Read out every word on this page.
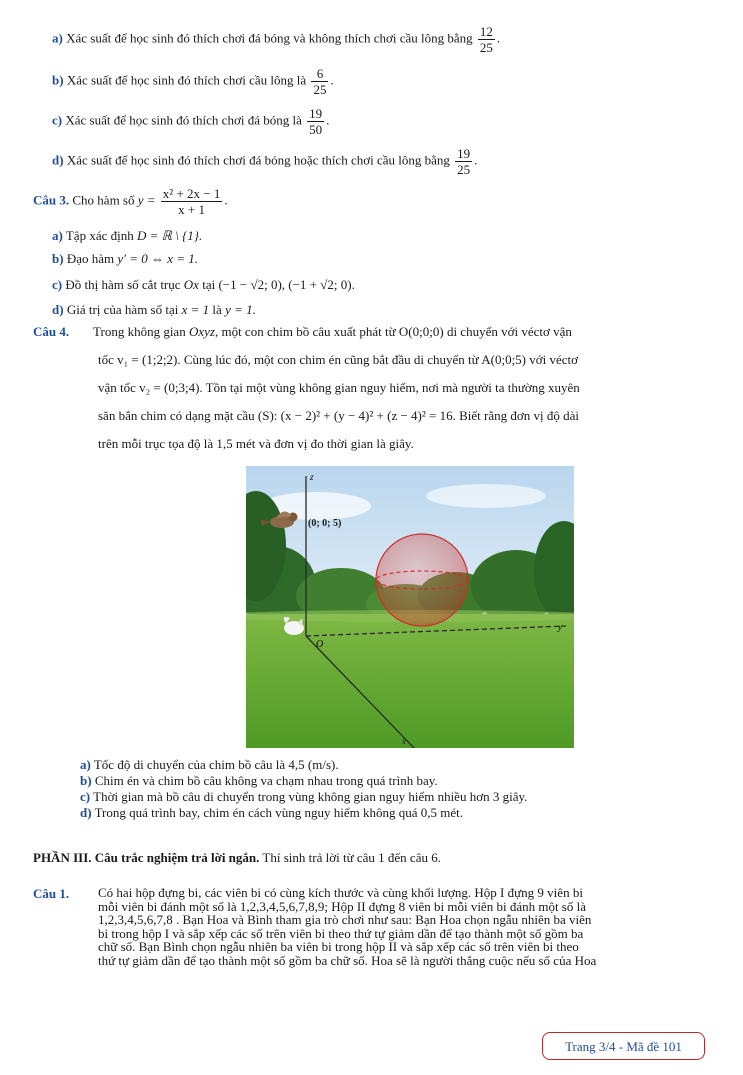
a) Xác suất để học sinh đó thích chơi đá bóng và không thích chơi cầu lông bằng $\frac{12}{25}$ .
b) Xác suất để học sinh đó thích chơi cầu lông là $\frac{6}{25}$ .
c) Xác suất để học sinh đó thích chơi đá bóng là $\frac{19}{50}$ .
d) Xác suất để học sinh đó thích chơi đá bóng hoặc thích chơi cầu lông bằng $\frac{19}{25}$ .
Câu 3. Cho hàm số $y = \frac{\text{x² + 2x − 1}}{x + 1}$ .
a) Tập xác định D = ℝ \ {1}.
b) Đạo hàm y′ = 0 ⇔ x = 1.
c) Đồ thị hàm số cắt trục Ox tại (−1 − √2; 0), (−1 + √2; 0).
d) Giá trị của hàm số tại x = 1 là y = 1.
Câu 4. Trong không gian Oxyz, một con chim bồ câu xuất phát từ O(0;0;0) di chuyển với véctơ vận
tốc v₁ = (1;2;2). Cùng lúc đó, một con chim én cũng bắt đầu di chuyển từ A(0;0;5) với véctơ
vận tốc v₂ = (0;3;4). Tồn tại một vùng không gian nguy hiểm, nơi mà người ta thường xuyên
săn bắn chim có dạng mặt cầu (S): (x − 2)² + (y − 4)² + (z − 4)² = 16. Biết rằng đơn vị độ dài
trên mỗi trục tọa độ là 1,5 mét và đơn vị đo thời gian là giây.
z
(0; 0; 5)
O
y
x
a) Tốc độ di chuyển của chim bồ câu là 4,5 (m/s).
b) Chim én và chim bồ câu không va chạm nhau trong quá trình bay.
c) Thời gian mà bồ câu di chuyển trong vùng không gian nguy hiểm nhiều hơn 3 giây.
d) Trong quá trình bay, chim én cách vùng nguy hiểm không quá 0,5 mét.
PHẦN III. Câu trắc nghiệm trả lời ngắn. Thí sinh trả lời từ câu 1 đến câu 6.
Câu 1. Có hai hộp đựng bi, các viên bi có cùng kích thước và cùng khối lượng. Hộp I đựng 9 viên bi
mỗi viên bi đánh một số là 1,2,3,4,5,6,7,8,9; Hộp II đựng 8 viên bi mỗi viên bi đánh một số là
1,2,3,4,5,6,7,8 . Bạn Hoa và Bình tham gia trò chơi như sau: Bạn Hoa chọn ngẫu nhiên ba viên
bi trong hộp I và sắp xếp các số trên viên bi theo thứ tự giảm dần để tạo thành một số gồm ba
chữ số. Bạn Bình chọn ngẫu nhiên ba viên bi trong hộp II và sắp xếp các số trên viên bi theo
thứ tự giảm dần để tạo thành một số gồm ba chữ số. Hoa sẽ là người thắng cuộc nếu số của Hoa
Trang 3/4 - Mã đề 101
